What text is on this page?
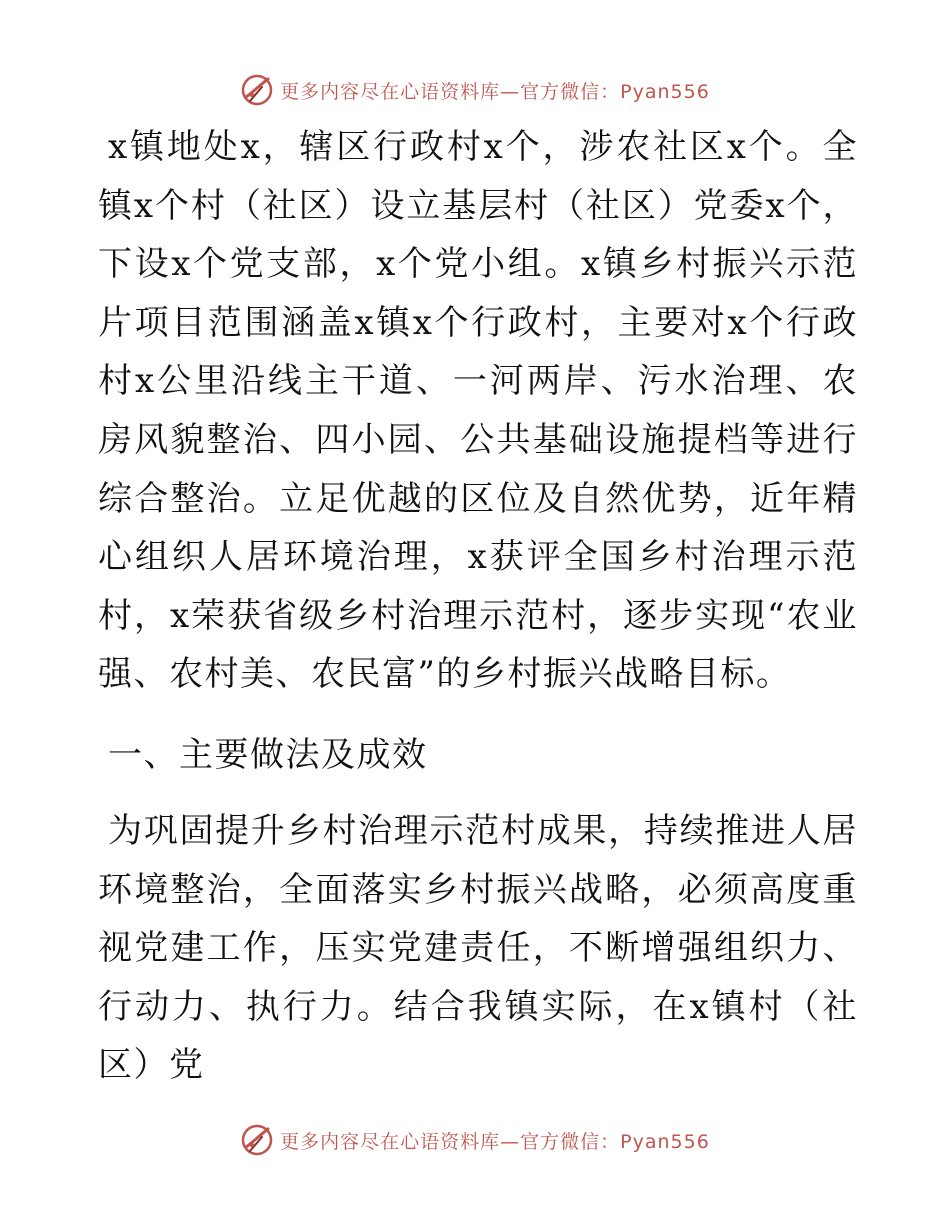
更多内容尽在心语资料库—官方微信：Pyan556

x镇地处x，辖区行政村x个，涉农社区x个。全镇x个村（社区）设立基层村（社区）党委x个，下设x个党支部，x个党小组。x镇乡村振兴示范片项目范围涵盖x镇x个行政村，主要对x个行政村x公里沿线主干道、一河两岸、污水治理、农房风貌整治、四小园、公共基础设施提档等进行综合整治。立足优越的区位及自然优势，近年精心组织人居环境治理，x获评全国乡村治理示范村，x荣获省级乡村治理示范村，逐步实现“农业强、农村美、农民富”的乡村振兴战略目标。

一、主要做法及成效

为巩固提升乡村治理示范村成果，持续推进人居环境整治，全面落实乡村振兴战略，必须高度重视党建工作，压实党建责任，不断增强组织力、行动力、执行力。结合我镇实际，在x镇村（社区）党

更多内容尽在心语资料库—官方微信：Pyan556
